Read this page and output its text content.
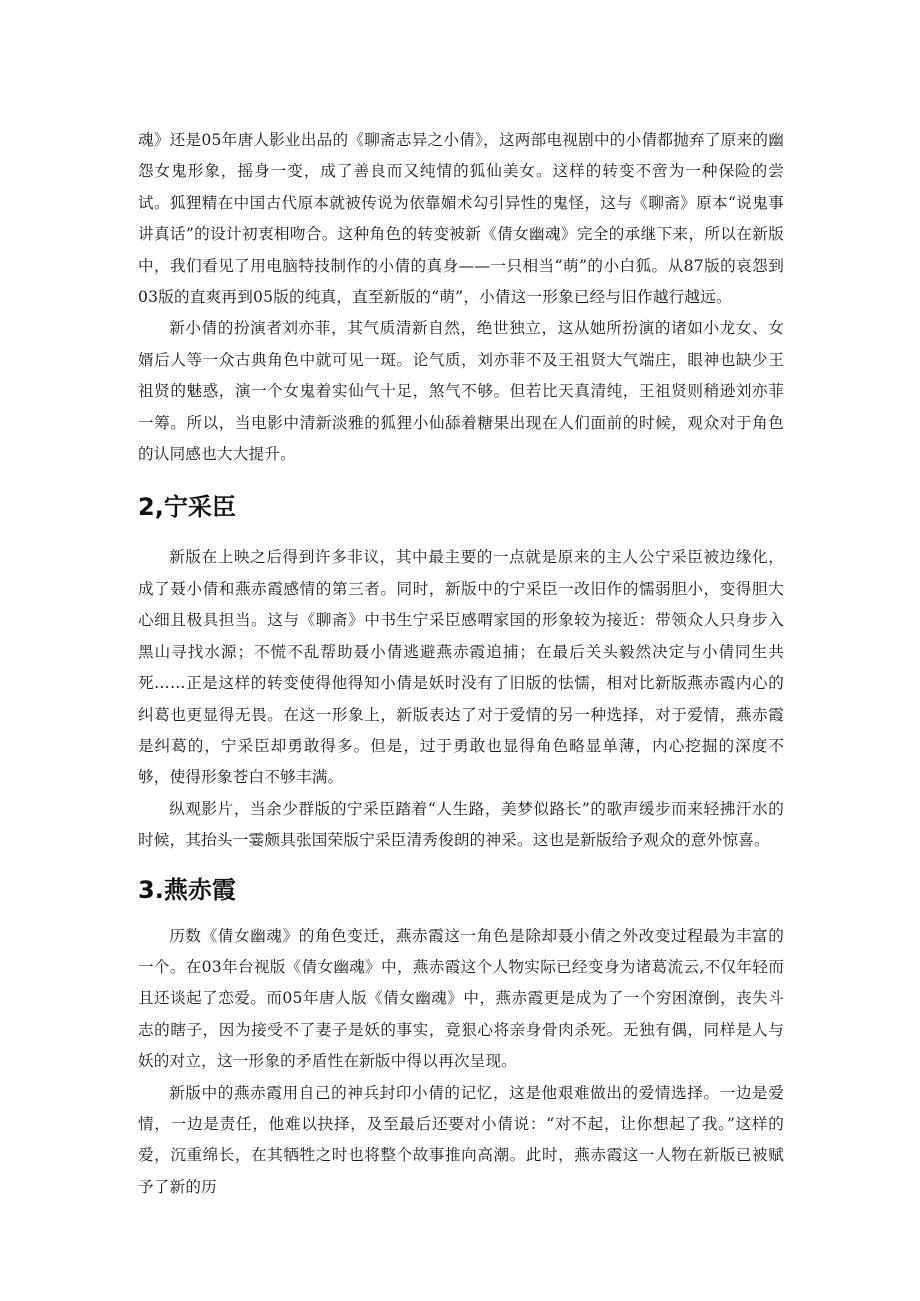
魂》还是05年唐人影业出品的《聊斋志异之小倩》，这两部电视剧中的小倩都抛弃了原来的幽怨女鬼形象，摇身一变，成了善良而又纯情的狐仙美女。这样的转变不啻为一种保险的尝试。狐狸精在中国古代原本就被传说为依靠媚术勾引异性的鬼怪，这与《聊斋》原本“说鬼事讲真话”的设计初衷相吻合。这种角色的转变被新《倩女幽魂》完全的承继下来，所以在新版中，我们看见了用电脑特技制作的小倩的真身——一只相当“萌”的小白狐。从87版的哀怨到03版的直爽再到05版的纯真，直至新版的“萌”，小倩这一形象已经与旧作越行越远。

新小倩的扮演者刘亦菲，其气质清新自然，绝世独立，这从她所扮演的诸如小龙女、女婿后人等一众古典角色中就可见一斑。论气质，刘亦菲不及王祖贤大气端庄，眼神也缺少王祖贤的魅惑，演一个女鬼着实仙气十足，煞气不够。但若比天真清纯，王祖贤则稍逊刘亦菲一筹。所以，当电影中清新淡雅的狐狸小仙舔着糖果出现在人们面前的时候，观众对于角色的认同感也大大提升。

2,宁采臣

新版在上映之后得到许多非议，其中最主要的一点就是原来的主人公宁采臣被边缘化，成了聂小倩和燕赤霞感情的第三者。同时，新版中的宁采臣一改旧作的懦弱胆小，变得胆大心细且极具担当。这与《聊斋》中书生宁采臣感喟家国的形象较为接近：带领众人只身步入黑山寻找水源；不慌不乱帮助聂小倩逃避燕赤霞追捕；在最后关头毅然决定与小倩同生共死……正是这样的转变使得他得知小倩是妖时没有了旧版的怯懦，相对比新版燕赤霞内心的纠葛也更显得无畏。在这一形象上，新版表达了对于爱情的另一种选择，对于爱情，燕赤霞是纠葛的，宁采臣却勇敢得多。但是，过于勇敢也显得角色略显单薄，内心挖掘的深度不够，使得形象苍白不够丰满。

纵观影片，当余少群版的宁采臣踏着“人生路，美梦似路长”的歌声缓步而来轻拂汗水的时候，其抬头一霎颇具张国荣版宁采臣清秀俊朗的神采。这也是新版给予观众的意外惊喜。

3.燕赤霞

历数《倩女幽魂》的角色变迁，燕赤霞这一角色是除却聂小倩之外改变过程最为丰富的一个。在03年台视版《倩女幽魂》中，燕赤霞这个人物实际已经变身为诸葛流云,不仅年轻而且还谈起了恋爱。而05年唐人版《倩女幽魂》中，燕赤霞更是成为了一个穷困潦倒，丧失斗志的瞎子，因为接受不了妻子是妖的事实，竟狠心将亲身骨肉杀死。无独有偶，同样是人与妖的对立，这一形象的矛盾性在新版中得以再次呈现。

新版中的燕赤霞用自己的神兵封印小倩的记忆，这是他艰难做出的爱情选择。一边是爱情，一边是责任，他难以抉择，及至最后还要对小倩说：“对不起，让你想起了我。”这样的爱，沉重绵长，在其牺牲之时也将整个故事推向高潮。此时，燕赤霞这一人物在新版已被赋予了新的历
